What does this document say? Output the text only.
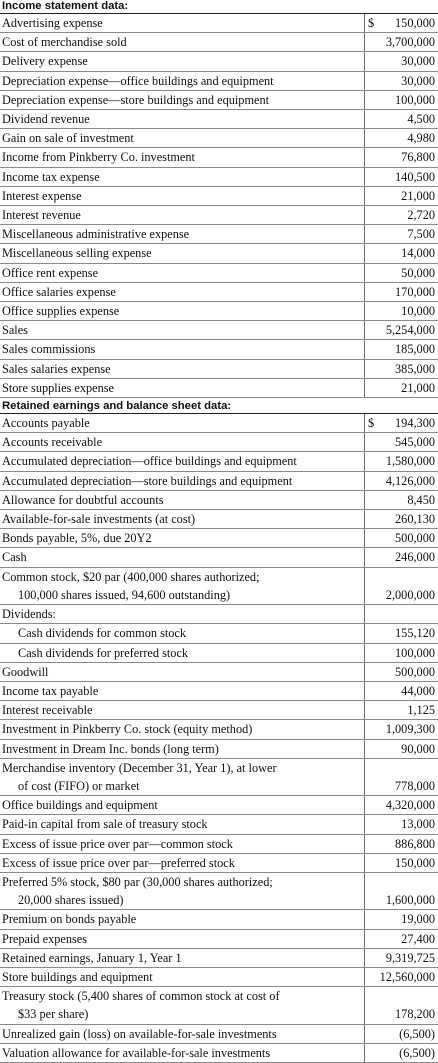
Income statement data:
Advertising expense	$ 150,000
Cost of merchandise sold	3,700,000
Delivery expense	30,000
Depreciation expense—office buildings and equipment	30,000
Depreciation expense—store buildings and equipment	100,000
Dividend revenue	4,500
Gain on sale of investment	4,980
Income from Pinkberry Co. investment	76,800
Income tax expense	140,500
Interest expense	21,000
Interest revenue	2,720
Miscellaneous administrative expense	7,500
Miscellaneous selling expense	14,000
Office rent expense	50,000
Office salaries expense	170,000
Office supplies expense	10,000
Sales	5,254,000
Sales commissions	185,000
Sales salaries expense	385,000
Store supplies expense	21,000
Retained earnings and balance sheet data:
Accounts payable	$ 194,300
Accounts receivable	545,000
Accumulated depreciation—office buildings and equipment	1,580,000
Accumulated depreciation—store buildings and equipment	4,126,000
Allowance for doubtful accounts	8,450
Available-for-sale investments (at cost)	260,130
Bonds payable, 5%, due 20Y2	500,000
Cash	246,000
Common stock, $20 par (400,000 shares authorized;
100,000 shares issued, 94,600 outstanding)	2,000,000
Dividends:
Cash dividends for common stock	155,120
Cash dividends for preferred stock	100,000
Goodwill	500,000
Income tax payable	44,000
Interest receivable	1,125
Investment in Pinkberry Co. stock (equity method)	1,009,300
Investment in Dream Inc. bonds (long term)	90,000
Merchandise inventory (December 31, Year 1), at lower
of cost (FIFO) or market	778,000
Office buildings and equipment	4,320,000
Paid-in capital from sale of treasury stock	13,000
Excess of issue price over par—common stock	886,800
Excess of issue price over par—preferred stock	150,000
Preferred 5% stock, $80 par (30,000 shares authorized;
20,000 shares issued)	1,600,000
Premium on bonds payable	19,000
Prepaid expenses	27,400
Retained earnings, January 1, Year 1	9,319,725
Store buildings and equipment	12,560,000
Treasury stock (5,400 shares of common stock at cost of
$33 per share)	178,200
Unrealized gain (loss) on available-for-sale investments	(6,500)
Valuation allowance for available-for-sale investments	(6,500)
